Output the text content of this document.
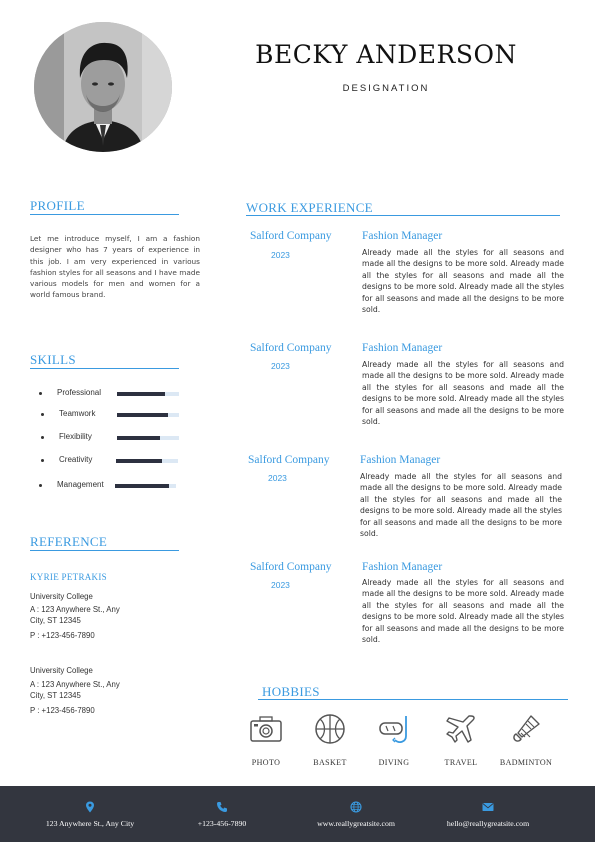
BECKY ANDERSON
DESIGNATION
PROFILE
Let me introduce myself, I am a fashion designer who has 7 years of experience in this job. I am very experienced in various fashion styles for all seasons and I have made various models for men and women for a world famous brand.
SKILLS
Professional
Teamwork
Flexibility
Creativity
Management
REFERENCE
KYRIE PETRAKIS
University College
A : 123 Anywhere St., Any
City, ST 12345
P : +123-456-7890
University College
A : 123 Anywhere St., Any
City, ST 12345
P : +123-456-7890
WORK EXPERIENCE
Salford Company
2023
Fashion Manager
Already made all the styles for all seasons and made all the designs to be more sold. Already made all the styles for all seasons and made all the designs to be more sold. Already made all the styles for all seasons and made all the designs to be more sold.
Salford Company
2023
Fashion Manager
Already made all the styles for all seasons and made all the designs to be more sold. Already made all the styles for all seasons and made all the designs to be more sold. Already made all the styles for all seasons and made all the designs to be more sold.
Salford Company
2023
Fashion Manager
Already made all the styles for all seasons and made all the designs to be more sold. Already made all the styles for all seasons and made all the designs to be more sold. Already made all the styles for all seasons and made all the designs to be more sold.
Salford Company
2023
Fashion Manager
Already made all the styles for all seasons and made all the designs to be more sold. Already made all the styles for all seasons and made all the designs to be more sold. Already made all the styles for all seasons and made all the designs to be more sold.
HOBBIES
PHOTO	BASKET	DIVING	TRAVEL	BADMINTON
123 Anywhere St., Any City	+123-456-7890	www.reallygreatsite.com	hello@reallygreatsite.com
